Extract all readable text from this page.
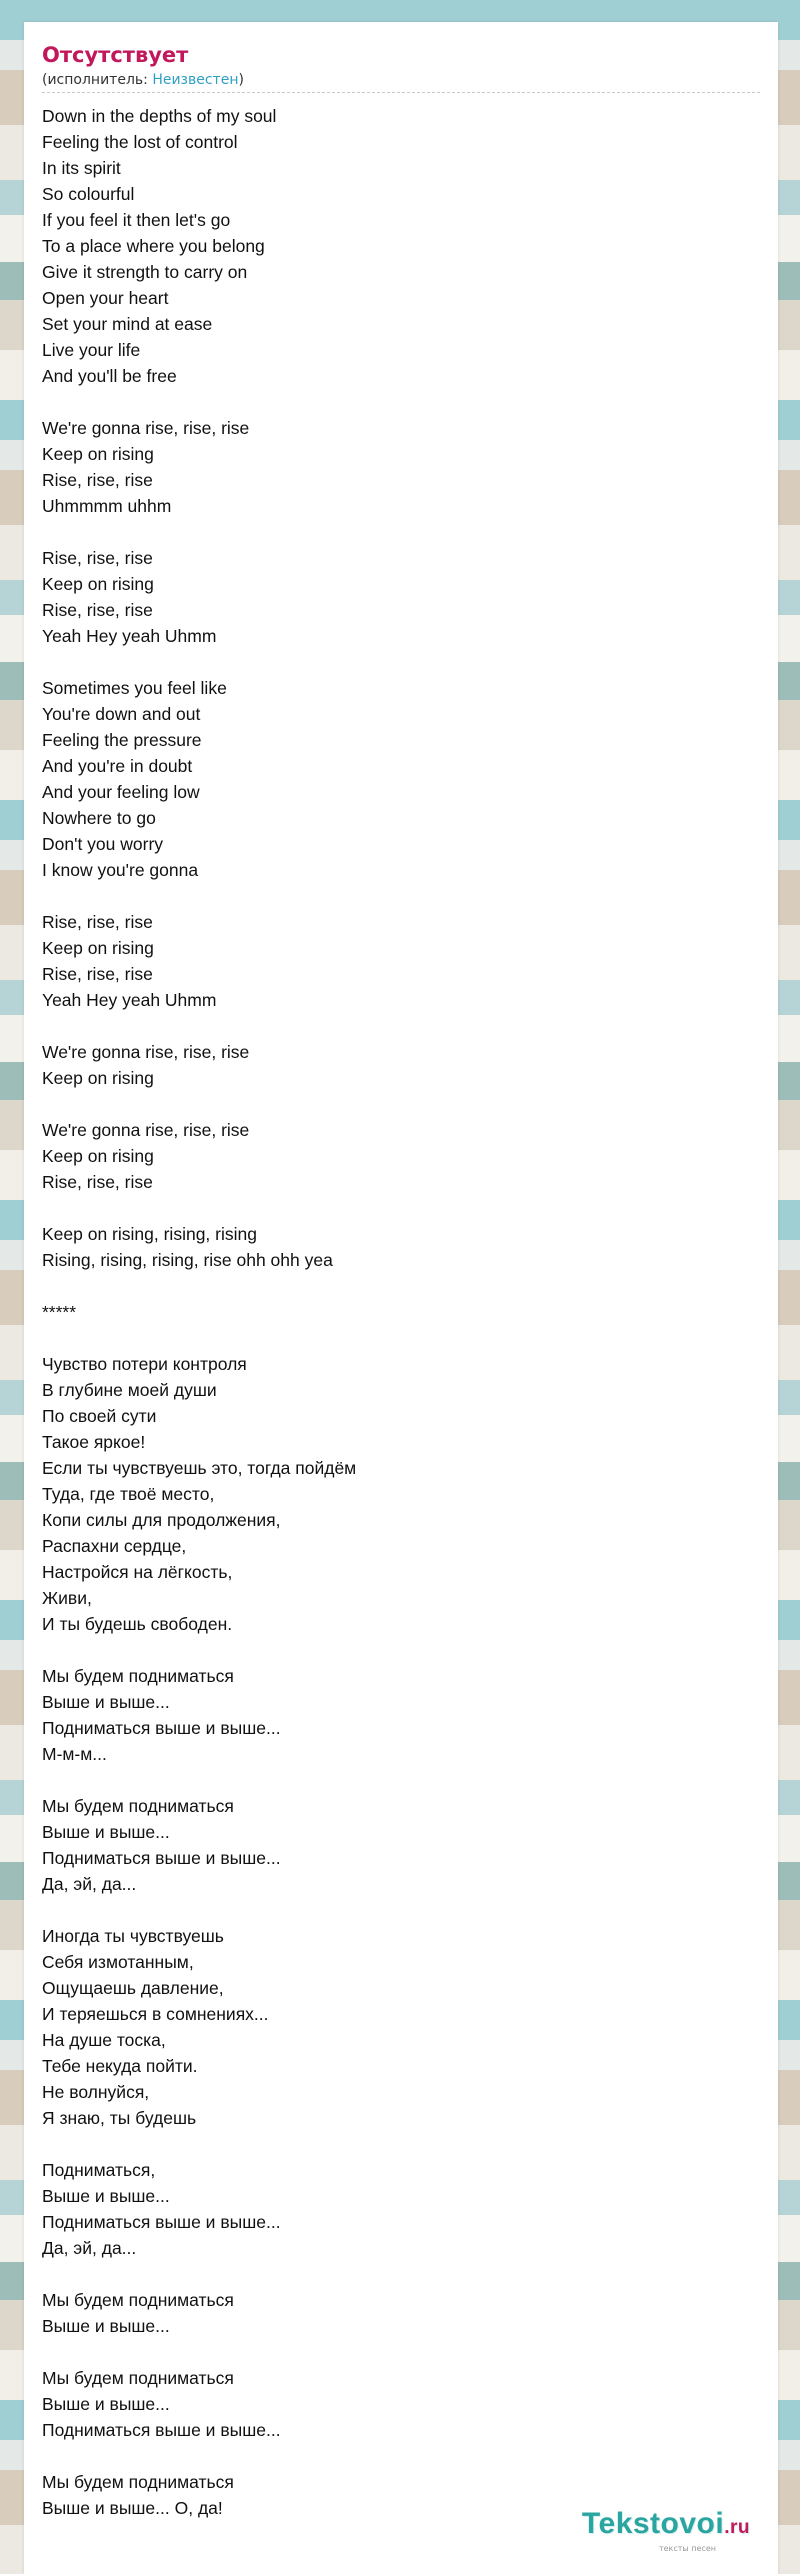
Отсутствует
(исполнитель: Неизвестен)
Down in the depths of my soul
Feeling the lost of control
In its spirit
So colourful
If you feel it then let's go
To a place where you belong
Give it strength to carry on
Open your heart
Set your mind at ease
Live your life
And you'll be free
We're gonna rise, rise, rise
Keep on rising
Rise, rise, rise
Uhmmmm uhhm
Rise, rise, rise
Keep on rising
Rise, rise, rise
Yeah Hey yeah Uhmm
Sometimes you feel like
You're down and out
Feeling the pressure
And you're in doubt
And your feeling low
Nowhere to go
Don't you worry
I know you're gonna
Rise, rise, rise
Keep on rising
Rise, rise, rise
Yeah Hey yeah Uhmm
We're gonna rise, rise, rise
Keep on rising
We're gonna rise, rise, rise
Keep on rising
Rise, rise, rise
Keep on rising, rising, rising
Rising, rising, rising, rise ohh ohh yea
*****
Чувство потери контроля
В глубине моей души
По своей сути
Такое яркое!
Если ты чувствуешь это, тогда пойдём
Туда, где твоё место,
Копи силы для продолжения,
Распахни сердце,
Настройся на лёгкость,
Живи,
И ты будешь свободен.
Мы будем подниматься
Выше и выше...
Подниматься выше и выше...
М-м-м...
Мы будем подниматься
Выше и выше...
Подниматься выше и выше...
Да, эй, да...
Иногда ты чувствуешь
Себя измотанным,
Ощущаешь давление,
И теряешься в сомнениях...
На душе тоска,
Тебе некуда пойти.
Не волнуйся,
Я знаю, ты будешь
Подниматься,
Выше и выше...
Подниматься выше и выше...
Да, эй, да...
Мы будем подниматься
Выше и выше...
Мы будем подниматься
Выше и выше...
Подниматься выше и выше...
Мы будем подниматься
Выше и выше... О, да!	Tekstovoi.ru
тексты песен
